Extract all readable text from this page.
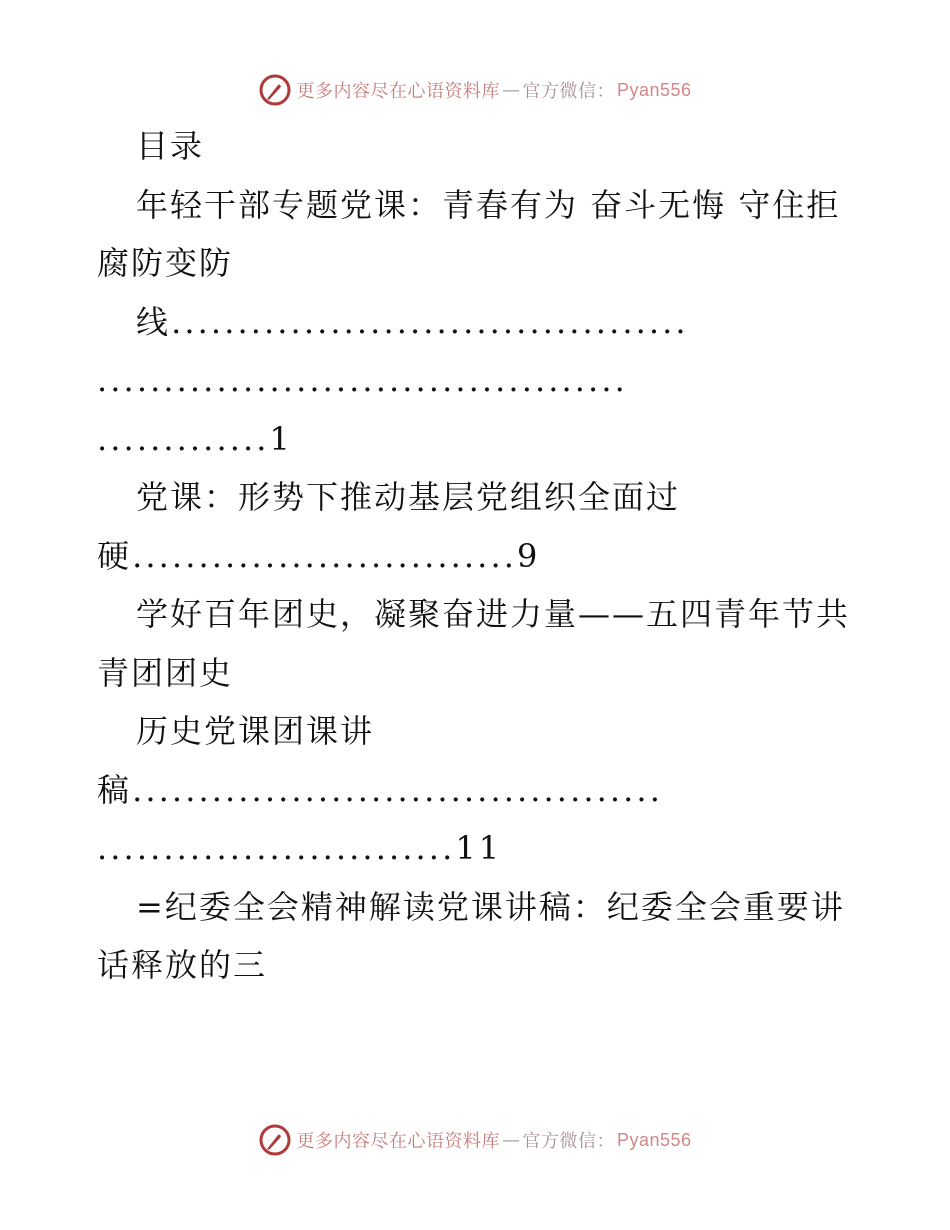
更多内容尽在心语资料库 — 官方微信： Pyan556
目录
年轻干部专题党课：青春有为 奋斗无悔 守住拒
腐防变防
线.......................................
........................................
.............1
党课：形势下推动基层党组织全面过
硬.............................9
学好百年团史，凝聚奋进力量——五四青年节共
青团团史
历史党课团课讲
稿........................................
...........................11
=纪委全会精神解读党课讲稿：纪委全会重要讲
话释放的三
更多内容尽在心语资料库 — 官方微信： Pyan556
